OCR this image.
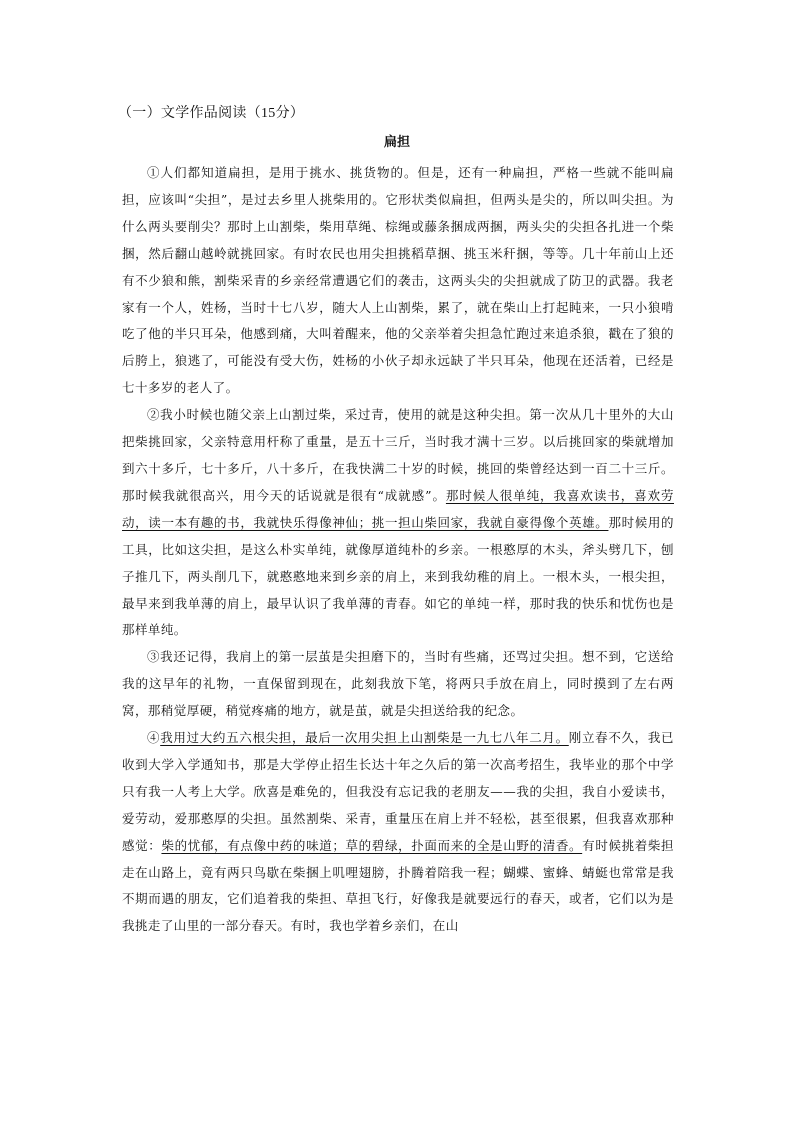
（一）文学作品阅读（15分）
扁担

①人们都知道扁担，是用于挑水、挑货物的。但是，还有一种扁担，严格一些就不能叫扁担，应该叫“尖担”，是过去乡里人挑柴用的。它形状类似扁担，但两头是尖的，所以叫尖担。为什么两头要削尖？那时上山割柴，柴用草绳、棕绳或藤条捆成两捆，两头尖的尖担各扎进一个柴捆，然后翻山越岭就挑回家。有时农民也用尖担挑稻草捆、挑玉米秆捆，等等。几十年前山上还有不少狼和熊，割柴采青的乡亲经常遭遇它们的袭击，这两头尖的尖担就成了防卫的武器。我老家有一个人，姓杨，当时十七八岁，随大人上山割柴，累了，就在柴山上打起盹来，一只小狼啃吃了他的半只耳朵，他感到痛，大叫着醒来，他的父亲举着尖担急忙跑过来追杀狼，戳在了狼的后胯上，狼逃了，可能没有受大伤，姓杨的小伙子却永远缺了半只耳朵，他现在还活着，已经是七十多岁的老人了。

②我小时候也随父亲上山割过柴，采过青，使用的就是这种尖担。第一次从几十里外的大山把柴挑回家，父亲特意用杆称了重量，是五十三斤，当时我才满十三岁。以后挑回家的柴就增加到六十多斤，七十多斤，八十多斤，在我快满二十岁的时候，挑回的柴曾经达到一百二十三斤。那时候我就很高兴，用今天的话说就是很有“成就感”。那时候人很单纯，我喜欢读书，喜欢劳动，读一本有趣的书，我就快乐得像神仙；挑一担山柴回家，我就自豪得像个英雄。那时候用的工具，比如这尖担，是这么朴实单纯，就像厚道纯朴的乡亲。一根憨厚的木头，斧头劈几下，刨子推几下，两头削几下，就憨憨地来到乡亲的肩上，来到我幼稚的肩上。一根木头，一根尖担，最早来到我单薄的肩上，最早认识了我单薄的青春。如它的单纯一样，那时我的快乐和忧伤也是那样单纯。

③我还记得，我肩上的第一层茧是尖担磨下的，当时有些痛，还骂过尖担。想不到，它送给我的这早年的礼物，一直保留到现在，此刻我放下笔，将两只手放在肩上，同时摸到了左右两窝，那稍觉厚硬，稍觉疼痛的地方，就是茧，就是尖担送给我的纪念。

④我用过大约五六根尖担，最后一次用尖担上山割柴是一九七八年二月。刚立春不久，我已收到大学入学通知书，那是大学停止招生长达十年之久后的第一次高考招生，我毕业的那个中学只有我一人考上大学。欣喜是难免的，但我没有忘记我的老朋友——我的尖担，我自小爱读书，爱劳动，爱那憨厚的尖担。虽然割柴、采青，重量压在肩上并不轻松，甚至很累，但我喜欢那种感觉：柴的忧郁，有点像中药的味道；草的碧绿，扑面而来的全是山野的清香。有时候挑着柴担走在山路上，竟有两只鸟歇在柴捆上叽哩翅膀，扑腾着陪我一程；蝴蝶、蜜蜂、蜻蜓也常常是我不期而遇的朋友，它们追着我的柴担、草担飞行，好像我是就要远行的春天，或者，它们以为是我挑走了山里的一部分春天。有时，我也学着乡亲们，在山
